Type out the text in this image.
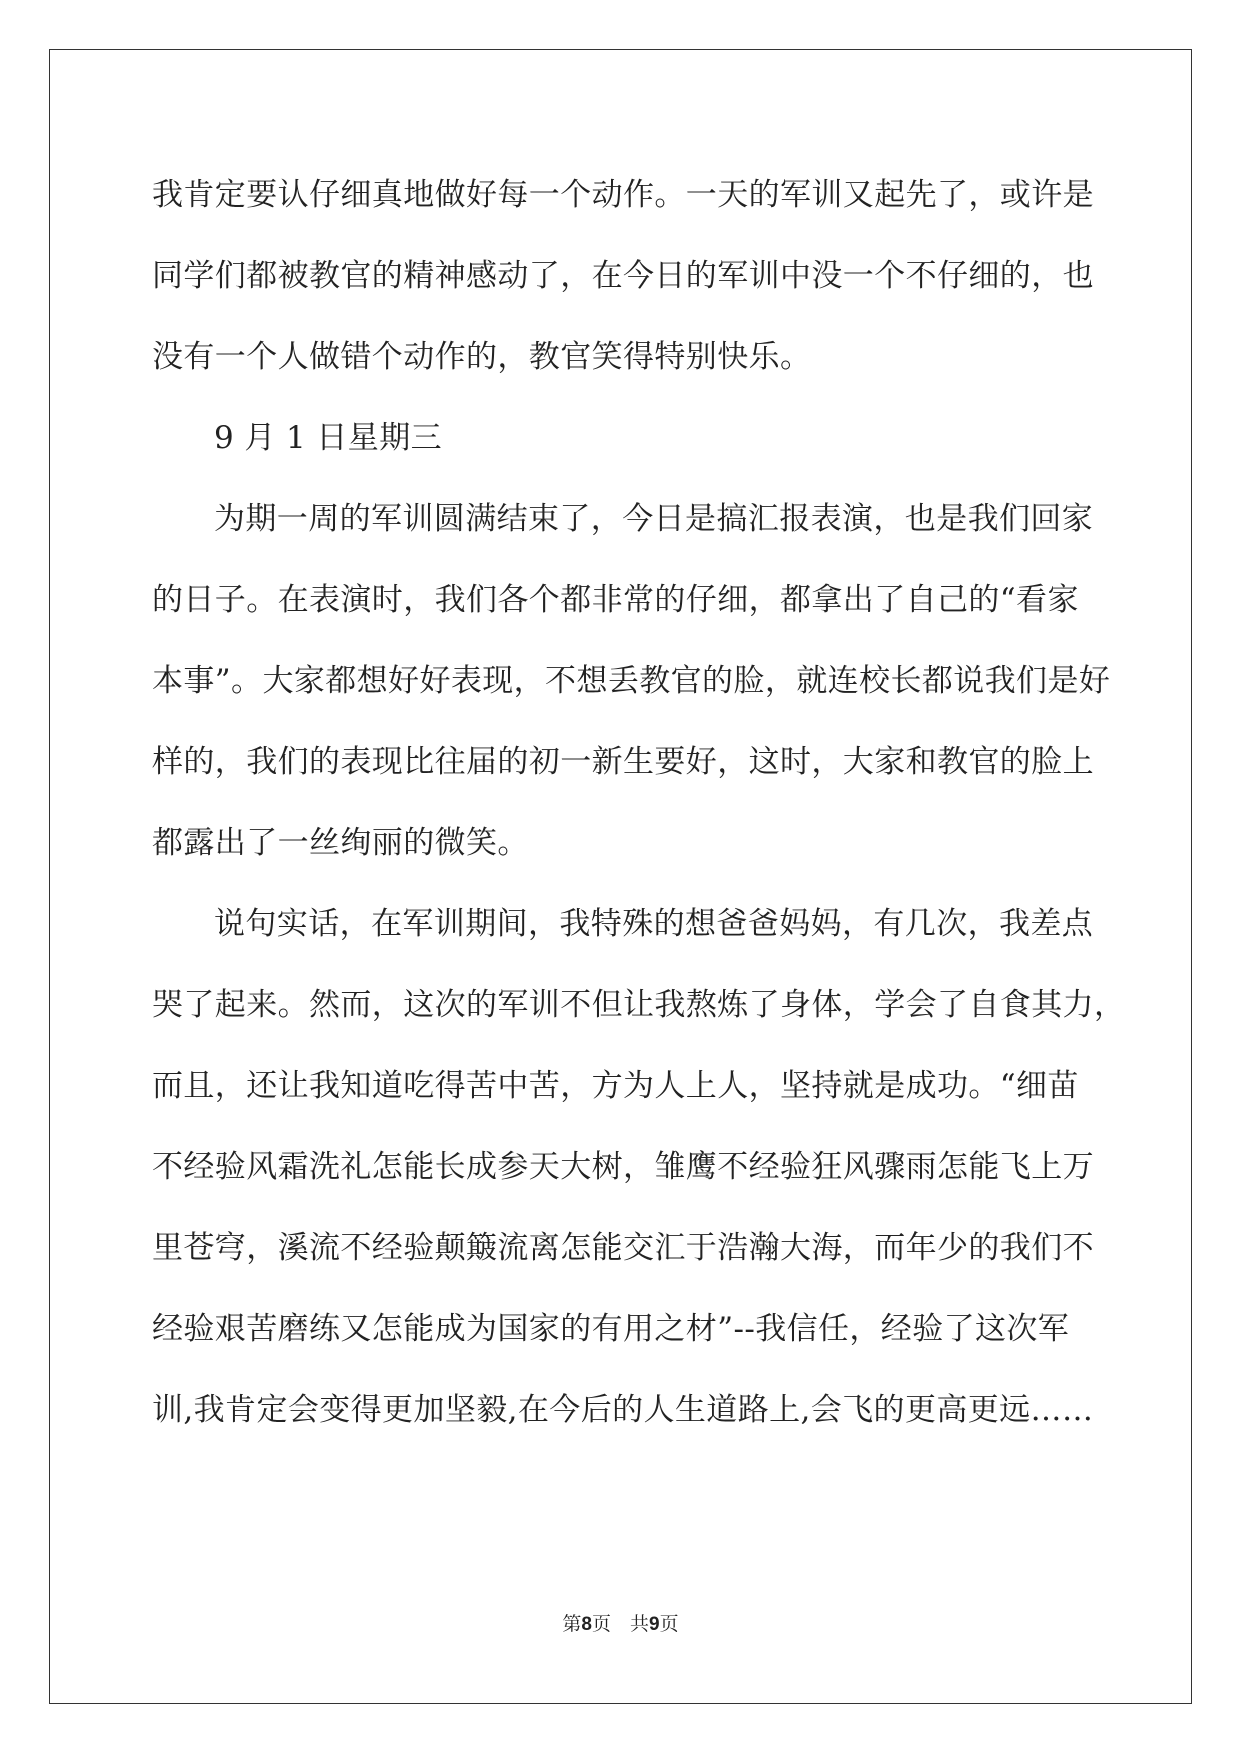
我肯定要认仔细真地做好每一个动作。一天的军训又起先了，或许是
同学们都被教官的精神感动了，在今日的军训中没一个不仔细的，也
没有一个人做错个动作的，教官笑得特别快乐。
9 月 1 日星期三
为期一周的军训圆满结束了，今日是搞汇报表演，也是我们回家
的日子。在表演时，我们各个都非常的仔细，都拿出了自己的“看家
本事”。大家都想好好表现，不想丢教官的脸，就连校长都说我们是好
样的，我们的表现比往届的初一新生要好，这时，大家和教官的脸上
都露出了一丝绚丽的微笑。
说句实话，在军训期间，我特殊的想爸爸妈妈，有几次，我差点
哭了起来。然而，这次的军训不但让我熬炼了身体，学会了自食其力，
而且，还让我知道吃得苦中苦，方为人上人，坚持就是成功。“细苗
不经验风霜洗礼怎能长成参天大树，雏鹰不经验狂风骤雨怎能飞上万
里苍穹，溪流不经验颠簸流离怎能交汇于浩瀚大海，而年少的我们不
经验艰苦磨练又怎能成为国家的有用之材”--我信任，经验了这次军
训,我肯定会变得更加坚毅,在今后的人生道路上,会飞的更高更远……
第8页　共9页
